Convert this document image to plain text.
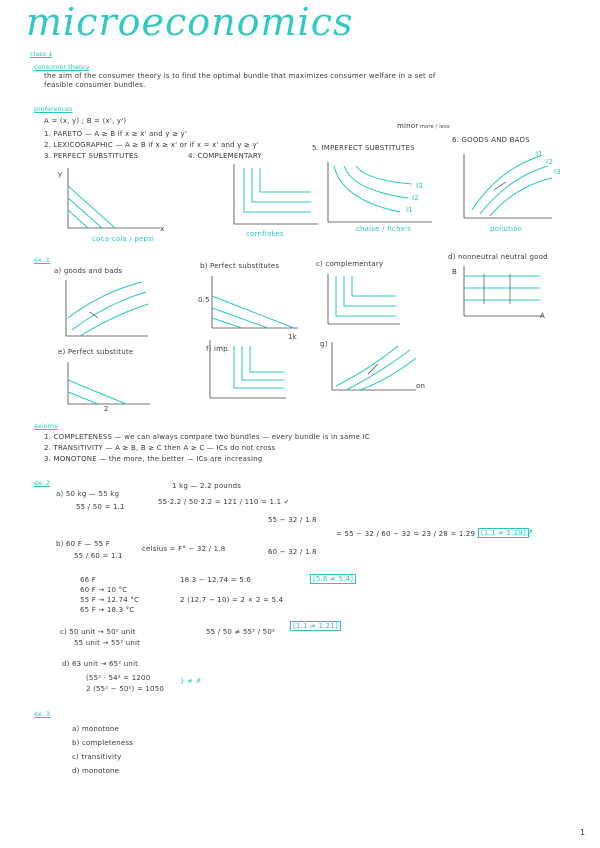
microeconomics
class 1
consumer theory
the aim of the consumer theory is to find the optimal bundle that maximizes consumer welfare in a set of
feasible consumer bundles.
preferences
A = (x, y) ; B = (x', y')
1. PARETO — A ≥ B if x ≥ x' and y ≥ y'
2. LEXICOGRAPHIC — A ≥ B if x ≥ x' or if x = x' and y ≥ y'
3. PERFECT SUBSTITUTES	4. COMPLEMENTARY
5. IMPERFECT SUBSTITUTES
6. GOODS AND BADS
minor more / less
y
coca-cola / pepsi
x
cornflakes
I3
I2
I1
chaise / fiche's
I1
I2
I3
pollution
ex. 1
a) goods and bads
b) Perfect substitutes
0.5
1k
c) complementary
d) nonneutral neutral good
B
A
e) Perfect substitute
2
f) imp.
g)
on
axioms
1. COMPLETENESS — we can always compare two bundles — every bundle is in same IC
2. TRANSITIVITY — A ≥ B, B ≥ C then A ≥ C — ICs do not cross
3. MONOTONE — the more, the better — ICs are increasing
ex. 2
a) 50 kg — 55 kg
55 / 50 = 1.1
1 kg — 2.2 pounds
55·2.2 / 50·2.2 = 121 / 110 = 1.1 ✓
b) 60 F — 55 F
55 / 60 = 1.1
celsius = F° − 32 / 1.8
55 − 32 / 1.8
60 − 32 / 1.8
= 55 − 32 / 60 − 32 = 23 / 28 = 1.29 [1.1 ≠ 1.29] ✗
66 F
60 F → 10 °C
55 F → 12.74 °C
65 F → 18.3 °C
18.3 − 12.74 = 5.6
2 (12.7 − 10) = 2 × 2 = 5.4
[5.6 ≠ 5.4]
c) 50 unit → 50² unit
55 unit → 55² unit
55 / 50 ≠ 55² / 50²
[1.1 ≠ 1.21]
d) 63 unit → 65² unit
(55² · 54² = 1200
2 (55² − 50²) = 1050
} ≠ ✗
ex. 3
a) monotone
b) completeness
c) transitivity
d) monotone
1
